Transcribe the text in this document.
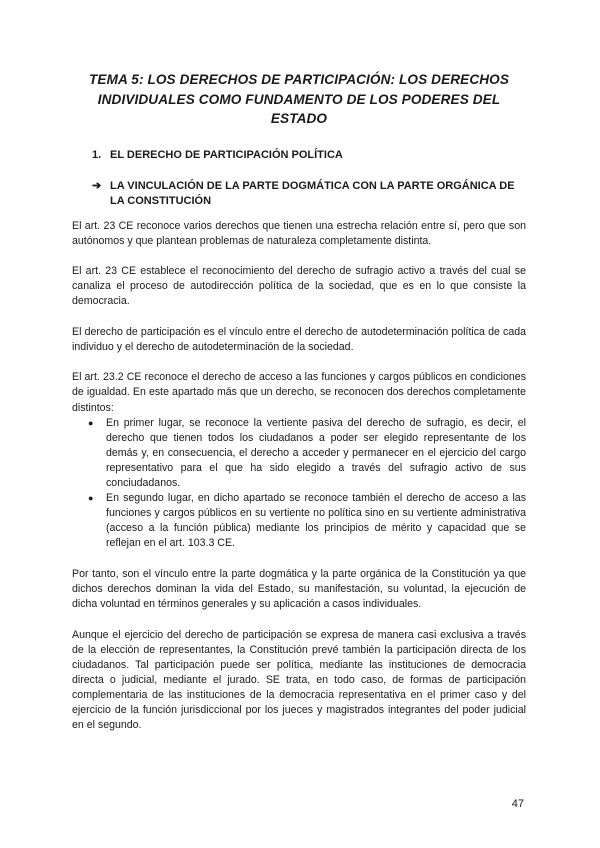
TEMA 5: LOS DERECHOS DE PARTICIPACIÓN: LOS DERECHOS INDIVIDUALES COMO FUNDAMENTO DE LOS PODERES DEL ESTADO
1. EL DERECHO DE PARTICIPACIÓN POLÍTICA
➔ LA VINCULACIÓN DE LA PARTE DOGMÁTICA CON LA PARTE ORGÁNICA DE LA CONSTITUCIÓN

El art. 23 CE reconoce varios derechos que tienen una estrecha relación entre sí, pero que son autónomos y que plantean problemas de naturaleza completamente distinta.

El art. 23 CE establece el reconocimiento del derecho de sufragio activo a través del cual se canaliza el proceso de autodirección política de la sociedad, que es en lo que consiste la democracia.

El derecho de participación es el vínculo entre el derecho de autodeterminación política de cada individuo y el derecho de autodeterminación de la sociedad.

El art. 23.2 CE reconoce el derecho de acceso a las funciones y cargos públicos en condiciones de igualdad. En este apartado más que un derecho, se reconocen dos derechos completamente distintos:

● En primer lugar, se reconoce la vertiente pasiva del derecho de sufragio, es decir, el derecho que tienen todos los ciudadanos a poder ser elegido representante de los demás y, en consecuencia, el derecho a acceder y permanecer en el ejercicio del cargo representativo para el que ha sido elegido a través del sufragio activo de sus conciudadanos.
● En segundo lugar, en dicho apartado se reconoce también el derecho de acceso a las funciones y cargos públicos en su vertiente no política sino en su vertiente administrativa (acceso a la función pública) mediante los principios de mérito y capacidad que se reflejan en el art. 103.3 CE.

Por tanto, son el vínculo entre la parte dogmática y la parte orgánica de la Constitución ya que dichos derechos dominan la vida del Estado, su manifestación, su voluntad, la ejecución de dicha voluntad en términos generales y su aplicación a casos individuales.

Aunque el ejercicio del derecho de participación se expresa de manera casi exclusiva a través de la elección de representantes, la Constitución prevé también la participación directa de los ciudadanos. Tal participación puede ser política, mediante las instituciones de democracia directa o judicial, mediante el jurado. SE trata, en todo caso, de formas de participación complementaria de las instituciones de la democracia representativa en el primer caso y del ejercicio de la función jurisdiccional por los jueces y magistrados integrantes del poder judicial en el segundo.

47
